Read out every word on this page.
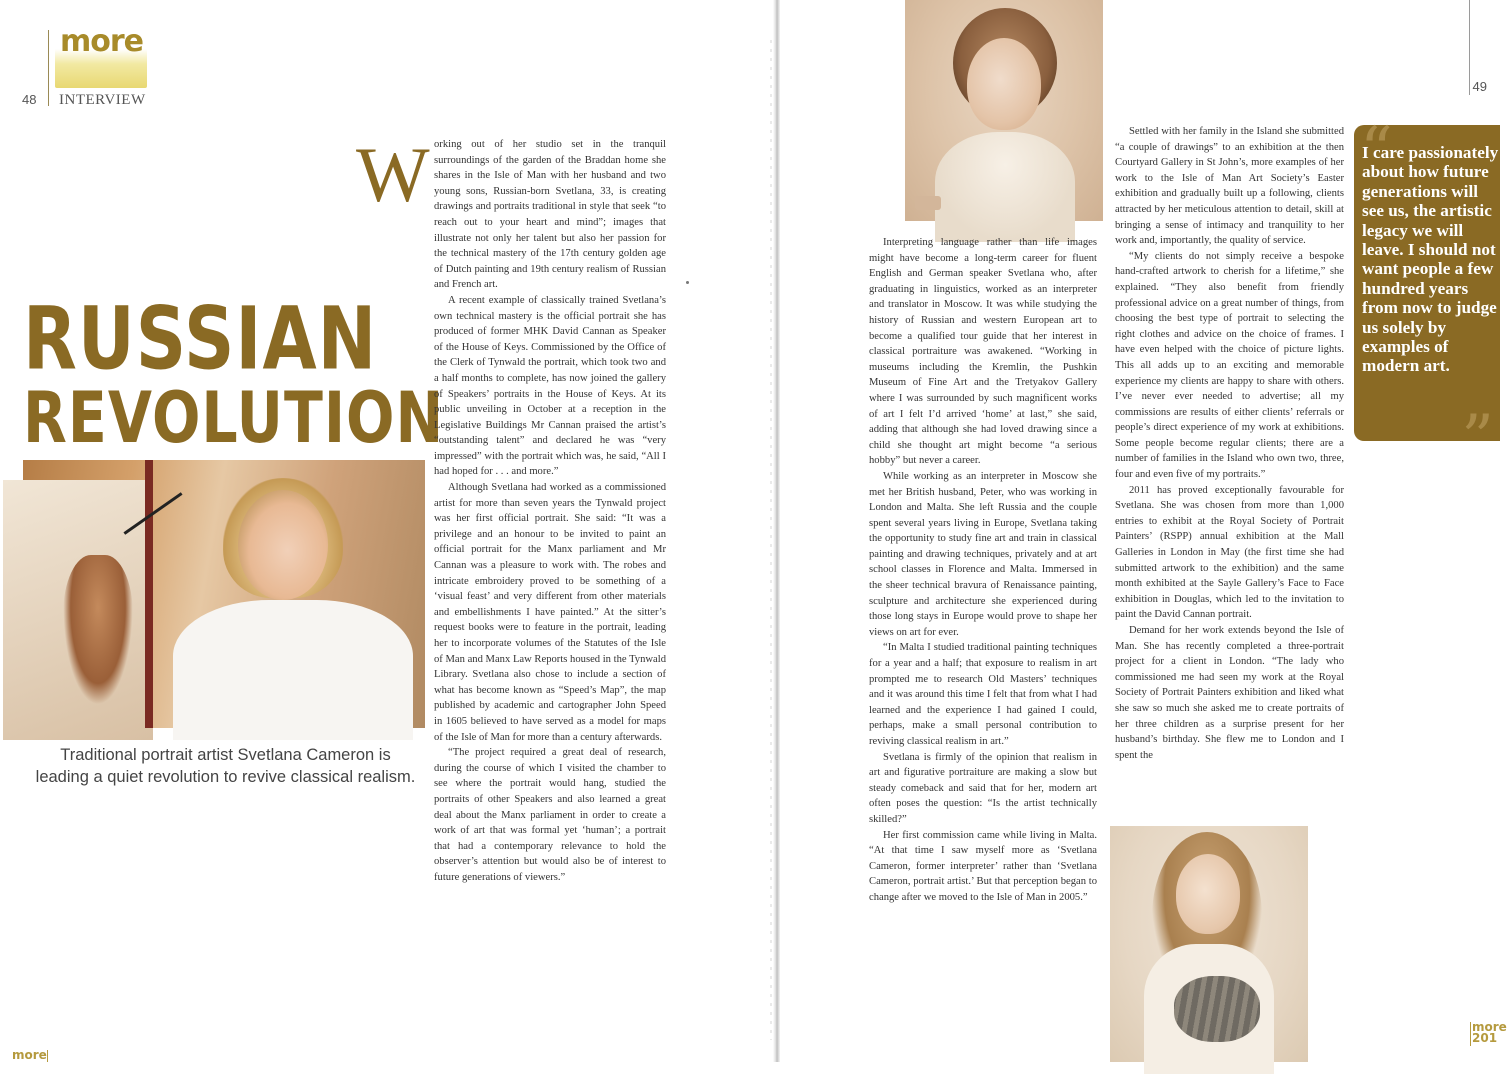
more
48 INTERVIEW
49
RUSSIAN
REVOLUTION
Traditional portrait artist Svetlana Cameron is leading a quiet revolution to revive classical realism.
W orking out of her studio set in the tranquil surroundings of the garden of the Braddan home she shares in the Isle of Man with her husband and two young sons, Russian-born Svetlana, 33, is creating drawings and portraits traditional in style that seek “to reach out to your heart and mind”; images that illustrate not only her talent but also her passion for the technical mastery of the 17th century golden age of Dutch painting and 19th century realism of Russian and French art.

A recent example of classically trained Svetlana’s own technical mastery is the official portrait she has produced of former MHK David Cannan as Speaker of the House of Keys. Commissioned by the Office of the Clerk of Tynwald the portrait, which took two and a half months to complete, has now joined the gallery of Speakers’ portraits in the House of Keys. At its public unveiling in October at a reception in the Legislative Buildings Mr Cannan praised the artist’s “outstanding talent” and declared he was “very impressed” with the portrait which was, he said, “All I had hoped for . . . and more.”

Although Svetlana had worked as a commissioned artist for more than seven years the Tynwald project was her first official portrait. She said: “It was a privilege and an honour to be invited to paint an official portrait for the Manx parliament and Mr Cannan was a pleasure to work with. The robes and intricate embroidery proved to be something of a ‘visual feast’ and very different from other materials and embellishments I have painted.” At the sitter’s request books were to feature in the portrait, leading her to incorporate volumes of the Statutes of the Isle of Man and Manx Law Reports housed in the Tynwald Library. Svetlana also chose to include a section of what has become known as “Speed’s Map”, the map published by academic and cartographer John Speed in 1605 believed to have served as a model for maps of the Isle of Man for more than a century afterwards.

“The project required a great deal of research, during the course of which I visited the chamber to see where the portrait would hang, studied the portraits of other Speakers and also learned a great deal about the Manx parliament in order to create a work of art that was formal yet ‘human’; a portrait that had a contemporary relevance to hold the observer’s attention but would also be of interest to future generations of viewers.”

Interpreting language rather than life images might have become a long-term career for fluent English and German speaker Svetlana who, after graduating in linguistics, worked as an interpreter and translator in Moscow. It was while studying the history of Russian and western European art to become a qualified tour guide that her interest in classical portraiture was awakened. “Working in museums including the Kremlin, the Pushkin Museum of Fine Art and the Tretyakov Gallery where I was surrounded by such magnificent works of art I felt I’d arrived ‘home’ at last,” she said, adding that although she had loved drawing since a child she thought art might become “a serious hobby” but never a career.

While working as an interpreter in Moscow she met her British husband, Peter, who was working in London and Malta. She left Russia and the couple spent several years living in Europe, Svetlana taking the opportunity to study fine art and train in classical painting and drawing techniques, privately and at art school classes in Florence and Malta. Immersed in the sheer technical bravura of Renaissance painting, sculpture and architecture she experienced during those long stays in Europe would prove to shape her views on art for ever.

“In Malta I studied traditional painting techniques for a year and a half; that exposure to realism in art prompted me to research Old Masters’ techniques and it was around this time I felt that from what I had learned and the experience I had gained I could, perhaps, make a small personal contribution to reviving classical realism in art.”

Svetlana is firmly of the opinion that realism in art and figurative portraiture are making a slow but steady comeback and said that for her, modern art often poses the question: “Is the artist technically skilled?”

Her first commission came while living in Malta. “At that time I saw myself more as ‘Svetlana Cameron, former interpreter’ rather than ‘Svetlana Cameron, portrait artist.’ But that perception began to change after we moved to the Isle of Man in 2005.”

Settled with her family in the Island she submitted “a couple of drawings” to an exhibition at the then Courtyard Gallery in St John’s, more examples of her work to the Isle of Man Art Society’s Easter exhibition and gradually built up a following, clients attracted by her meticulous attention to detail, skill at bringing a sense of intimacy and tranquility to her work and, importantly, the quality of service.

“My clients do not simply receive a bespoke hand-crafted artwork to cherish for a lifetime,” she explained. “They also benefit from friendly professional advice on a great number of things, from choosing the best type of portrait to selecting the right clothes and advice on the choice of frames. I have even helped with the choice of picture lights. This all adds up to an exciting and memorable experience my clients are happy to share with others. I’ve never ever needed to advertise; all my commissions are results of either clients’ referrals or people’s direct experience of my work at exhibitions. Some people become regular clients; there are a number of families in the Island who own two, three, four and even five of my portraits.”

2011 has proved exceptionally favourable for Svetlana. She was chosen from more than 1,000 entries to exhibit at the Royal Society of Portrait Painters’ (RSPP) annual exhibition at the Mall Galleries in London in May (the first time she had submitted artwork to the exhibition) and the same month exhibited at the Sayle Gallery’s Face to Face exhibition in Douglas, which led to the invitation to paint the David Cannan portrait.

Demand for her work extends beyond the Isle of Man. She has recently completed a three-portrait project for a client in London. “The lady who commissioned me had seen my work at the Royal Society of Portrait Painters exhibition and liked what she saw so much she asked me to create portraits of her three children as a surprise present for her husband’s birthday. She flew me to London and I spent the

“
I care passionately about how future generations will see us, the artistic legacy we will leave. I should not want people a few hundred years from now to judge us solely by examples of modern art.
”
more
more 201
